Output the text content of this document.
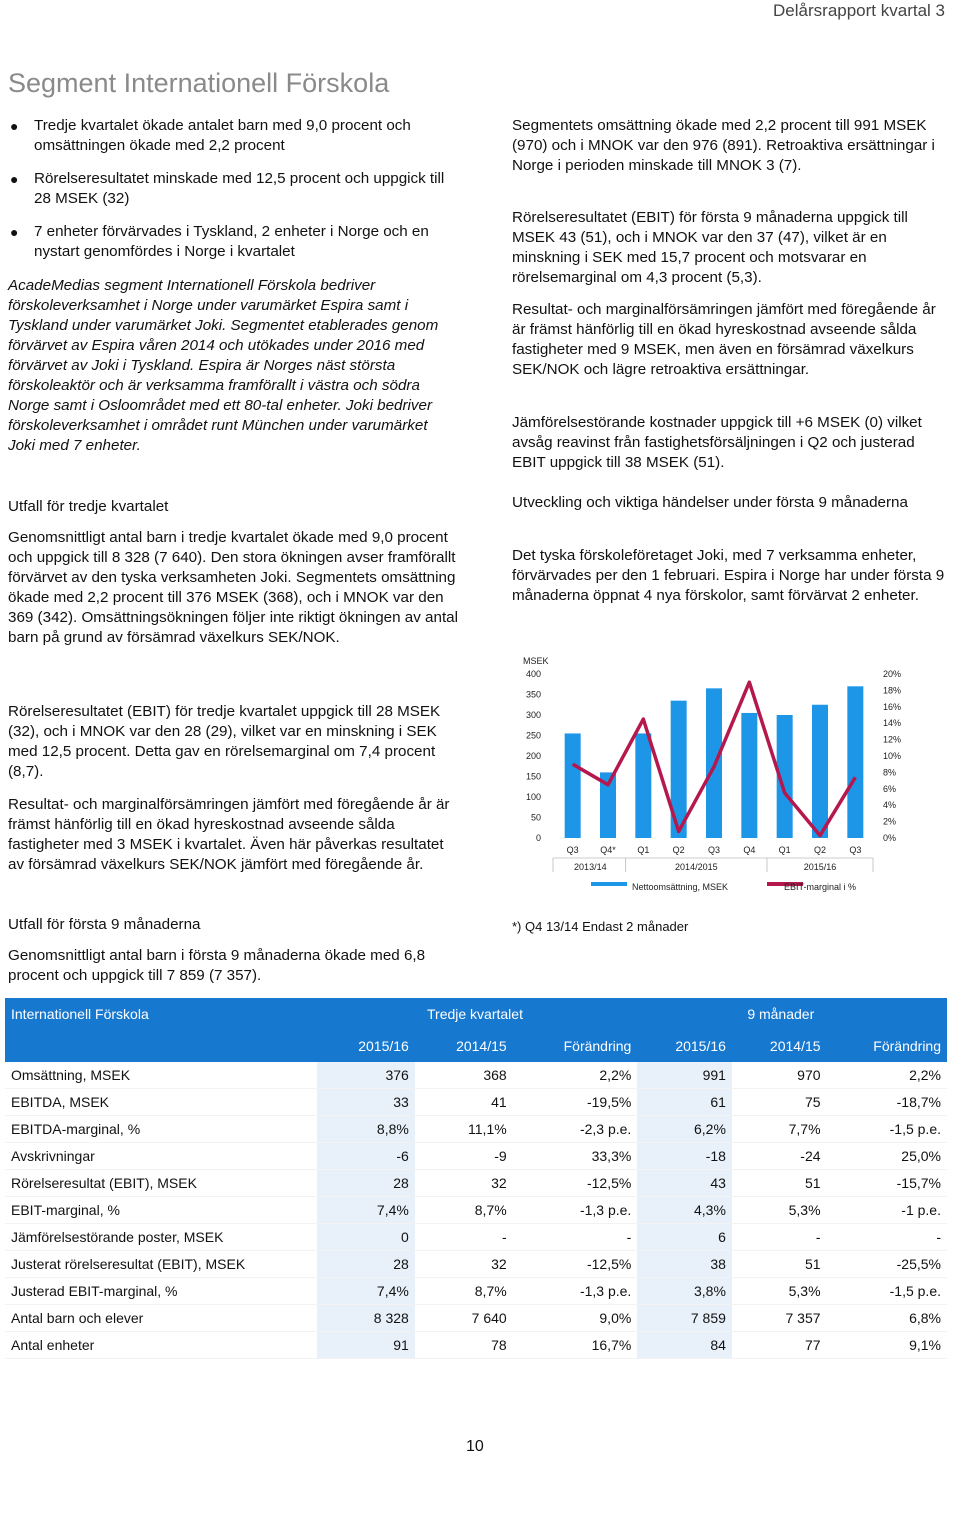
Delårsrapport kvartal 3
Segment Internationell Förskola
● Tredje kvartalet ökade antalet barn med 9,0 procent och omsättningen ökade med 2,2 procent
● Rörelseresultatet minskade med 12,5 procent och uppgick till 28 MSEK (32)
● 7 enheter förvärvades i Tyskland, 2 enheter i Norge och en nystart genomfördes i Norge i kvartalet

AcadeMedias segment Internationell Förskola bedriver förskoleverksamhet i Norge under varumärket Espira samt i Tyskland under varumärket Joki. Segmentet etablerades genom förvärvet av Espira våren 2014 och utökades under 2016 med förvärvet av Joki i Tyskland. Espira är Norges näst största förskoleaktör och är verksamma framförallt i västra och södra Norge samt i Osloområdet med ett 80-tal enheter. Joki bedriver förskoleverksamhet i området runt München under varumärket Joki med 7 enheter.

Utfall för tredje kvartalet

Genomsnittligt antal barn i tredje kvartalet ökade med 9,0 procent och uppgick till 8 328 (7 640). Den stora ökningen avser framförallt förvärvet av den tyska verksamheten Joki. Segmentets omsättning ökade med 2,2 procent till 376 MSEK (368), och i MNOK var den 369 (342). Omsättningsökningen följer inte riktigt ökningen av antal barn på grund av försämrad växelkurs SEK/NOK.

Rörelseresultatet (EBIT) för tredje kvartalet uppgick till 28 MSEK (32), och i MNOK var den 28 (29), vilket var en minskning i SEK med 12,5 procent. Detta gav en rörelsemarginal om 7,4 procent (8,7).

Resultat- och marginalförsämringen jämfört med föregående år är främst hänförlig till en ökad hyreskostnad avseende sålda fastigheter med 3 MSEK i kvartalet. Även här påverkas resultatet av försämrad växelkurs SEK/NOK jämfört med föregående år.

Utfall för första 9 månaderna

Genomsnittligt antal barn i första 9 månaderna ökade med 6,8 procent och uppgick till 7 859 (7 357).

Segmentets omsättning ökade med 2,2 procent till 991 MSEK (970) och i MNOK var den 976 (891). Retroaktiva ersättningar i Norge i perioden minskade till MNOK 3 (7).

Rörelseresultatet (EBIT) för första 9 månaderna uppgick till MSEK 43 (51), och i MNOK var den 37 (47), vilket är en minskning i SEK med 15,7 procent och motsvarar en rörelsemarginal om 4,3 procent (5,3).

Resultat- och marginalförsämringen jämfört med föregående år är främst hänförlig till en ökad hyreskostnad avseende sålda fastigheter med 9 MSEK, men även en försämrad växelkurs SEK/NOK och lägre retroaktiva ersättningar.

Jämförelsestörande kostnader uppgick till +6 MSEK (0) vilket avsåg reavinst från fastighetsförsäljningen i Q2 och justerad EBIT uppgick till 38 MSEK (51).

Utveckling och viktiga händelser under första 9 månaderna

Det tyska förskoleföretaget Joki, med 7 verksamma enheter, förvärvades per den 1 februari. Espira i Norge har under första 9 månaderna öppnat 4 nya förskolor, samt förvärvat 2 enheter.

MSEK
0
50
100
150
200
250
300
350
400
0%
2%
4%
6%
8%
10%
12%
14%
16%
18%
20%
Q3 Q4* Q1	Q2	Q3	Q4	Q1	Q2	Q3
2013/14	2014/2015	2015/16
Nettoomsättning, MSEK	EBIT-marginal i %

*) Q4 13/14 Endast 2 månader

Internationell Förskola	Tredje kvartalet			9 månader		
	2015/16	2014/15	Förändring	2015/16	2014/15	Förändring
Omsättning, MSEK	376	368	2,2%	991	970	2,2%
EBITDA, MSEK	33	41	-19,5%	61	75	-18,7%
EBITDA-marginal, %	8,8%	11,1%	-2,3 p.e.	6,2%	7,7%	-1,5 p.e.
Avskrivningar	-6	-9	33,3%	-18	-24	25,0%
Rörelseresultat (EBIT), MSEK	28	32	-12,5%	43	51	-15,7%
EBIT-marginal, %	7,4%	8,7%	-1,3 p.e.	4,3%	5,3%	-1 p.e.
Jämförelsestörande poster, MSEK	0	-	-	6	-	-
Justerat rörelseresultat (EBIT), MSEK	28	32	-12,5%	38	51	-25,5%
Justerad EBIT-marginal, %	7,4%	8,7%	-1,3 p.e.	3,8%	5,3%	-1,5 p.e.
Antal barn och elever	8 328	7 640	9,0%	7 859	7 357	6,8%
Antal enheter	91	78	16,7%	84	77	9,1%
10
